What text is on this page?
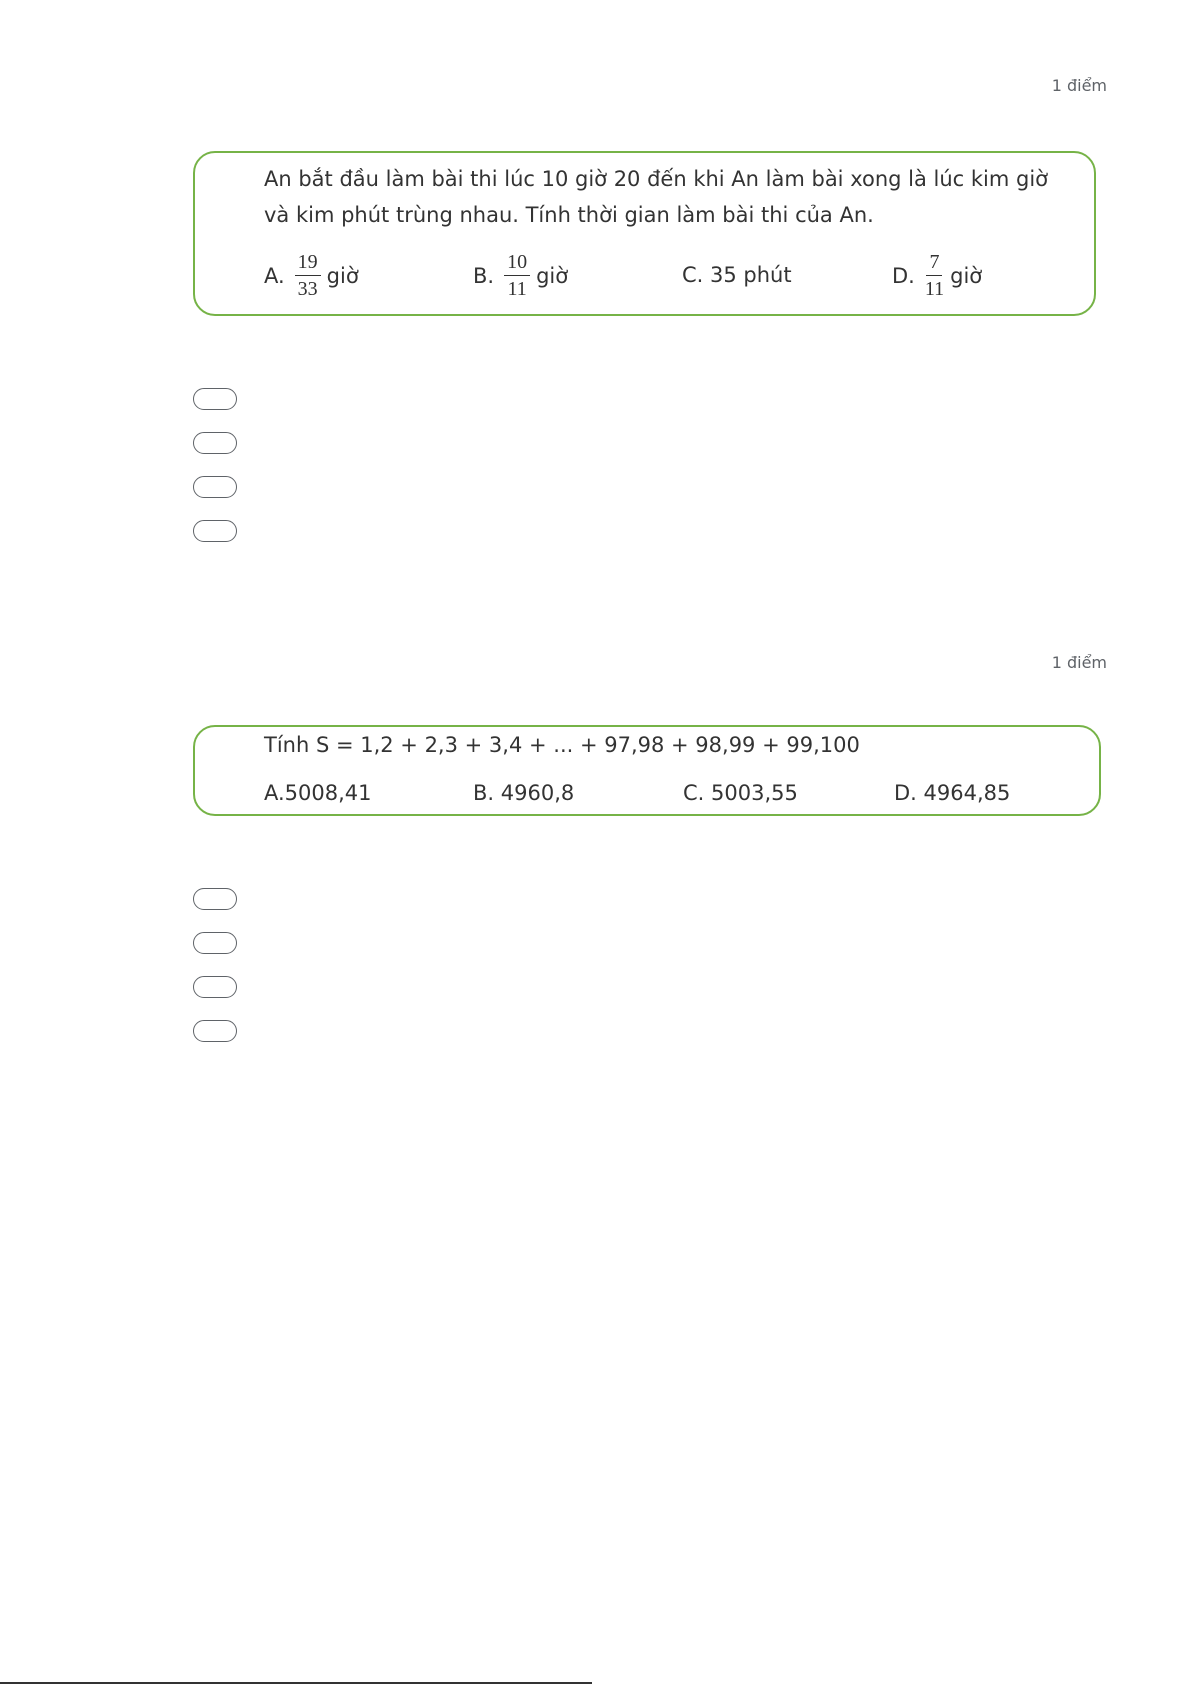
1 điểm
An bắt đầu làm bài thi lúc 10 giờ 20 đến khi An làm bài xong là lúc kim giờ
và kim phút trùng nhau. Tính thời gian làm bài thi của An.
A. $\frac{19}{33}$ giờ	B. $\frac{10}{11}$ giờ	C. 35 phút	D. $\frac{7}{11}$ giờ
1 điểm
Tính S = 1,2 + 2,3 + 3,4 + ... + 97,98 + 98,99 + 99,100
A.5008,41	B. 4960,8	C. 5003,55	D. 4964,85
